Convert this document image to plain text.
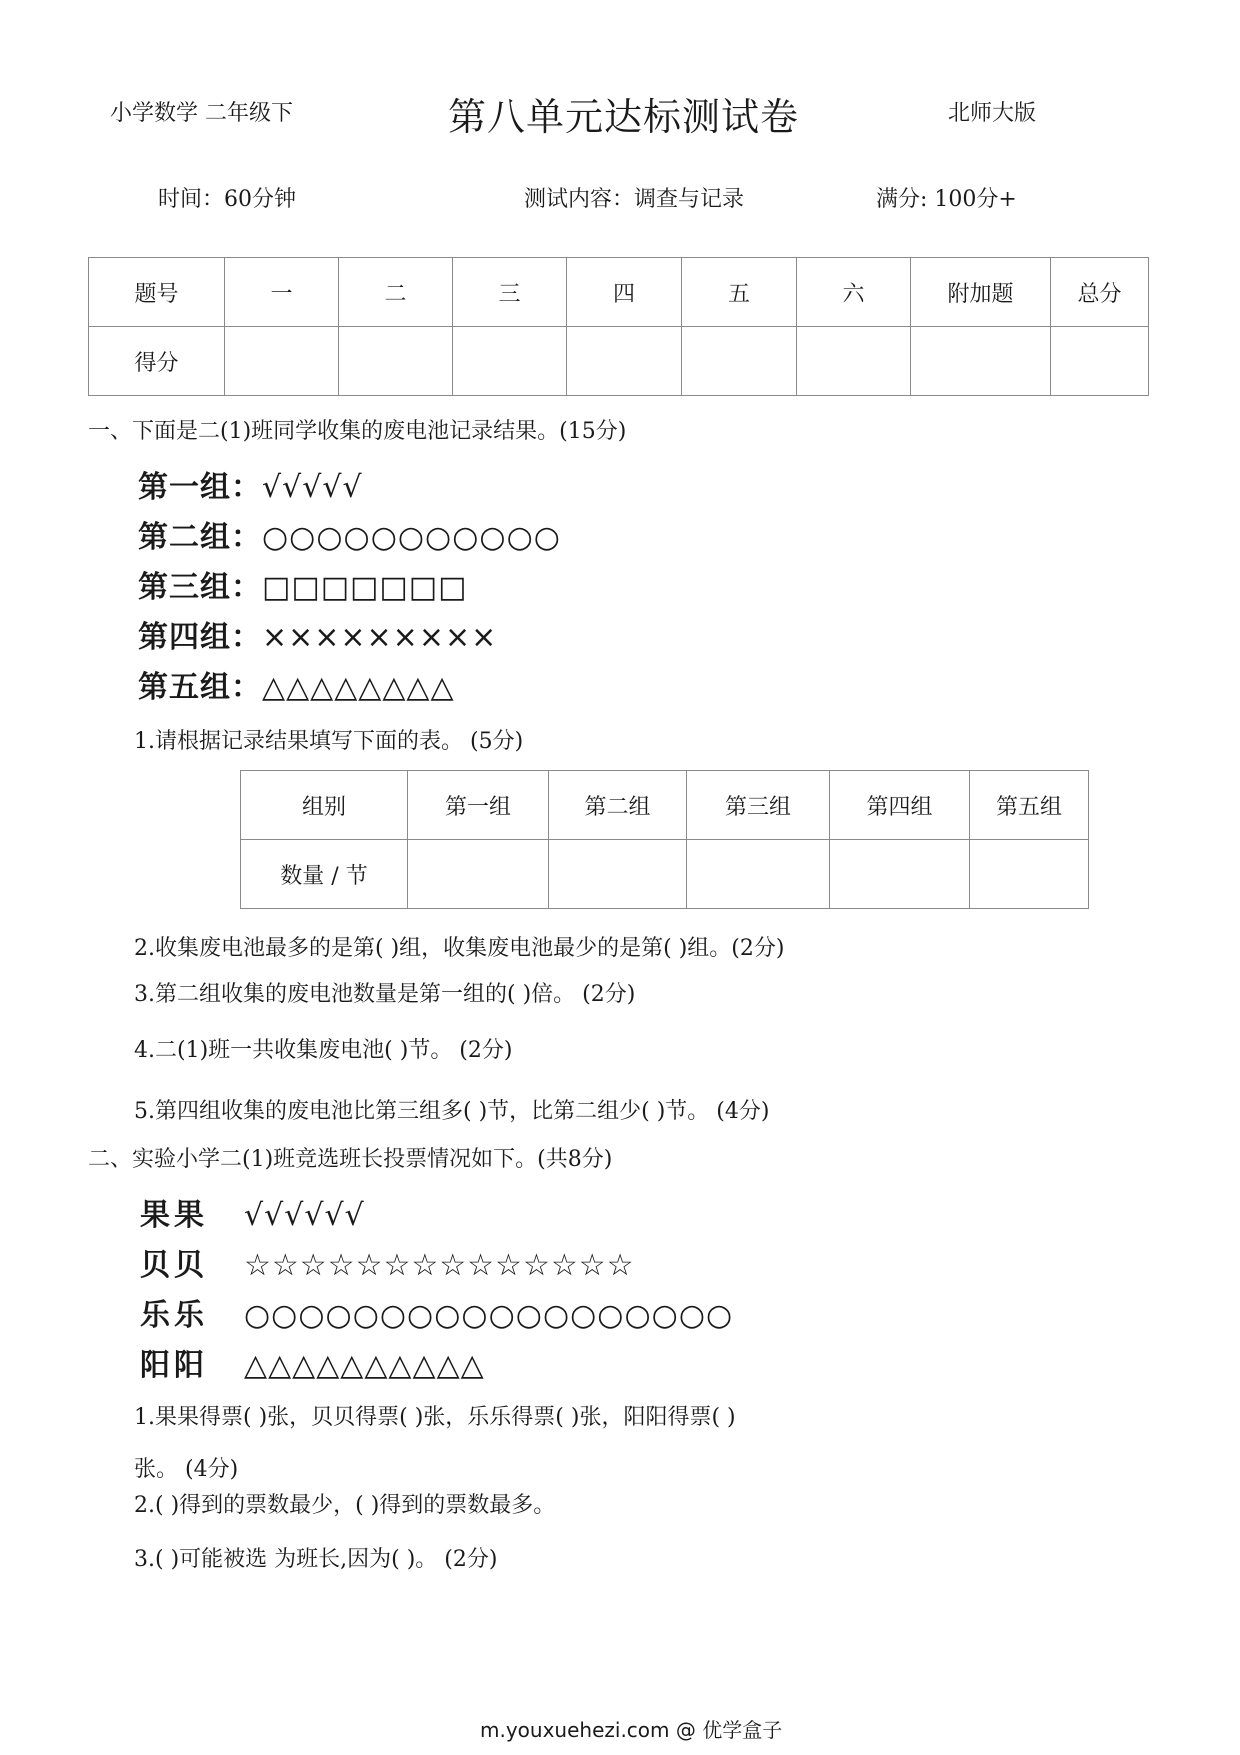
小学数学 二年级下	第八单元达标测试卷	北师大版
时间：60分钟	测试内容：调查与记录	满分: 100分+
题号	一	二	三	四	五	六	附加题	总分
得分								
一、下面是二(1)班同学收集的废电池记录结果。(15分)
第一组：√√√√√
第二组：○○○○○○○○○○○
第三组：□□□□□□□
第四组：×××××××××
第五组：△△△△△△△△
1.请根据记录结果填写下面的表。 (5分)
组别	第一组	第二组	第三组	第四组	第五组
数量 / 节					
2.收集废电池最多的是第( )组，收集废电池最少的是第( )组。(2分)
3.第二组收集的废电池数量是第一组的( )倍。 (2分)
4.二(1)班一共收集废电池( )节。 (2分)
5.第四组收集的废电池比第三组多( )节，比第二组少( )节。 (4分)
二、实验小学二(1)班竞选班长投票情况如下。(共8分)
果果 √√√√√√
贝贝 ☆☆☆☆☆☆☆☆☆☆☆☆☆☆
乐乐 ○○○○○○○○○○○○○○○○○○
阳阳 △△△△△△△△△△
1.果果得票( )张，贝贝得票( )张，乐乐得票( )张，阳阳得票( )
张。 (4分)
2.( )得到的票数最少，( )得到的票数最多。
3.( )可能被选 为班长,因为( )。 (2分)
m.youxuehezi.com @ 优学盒子
